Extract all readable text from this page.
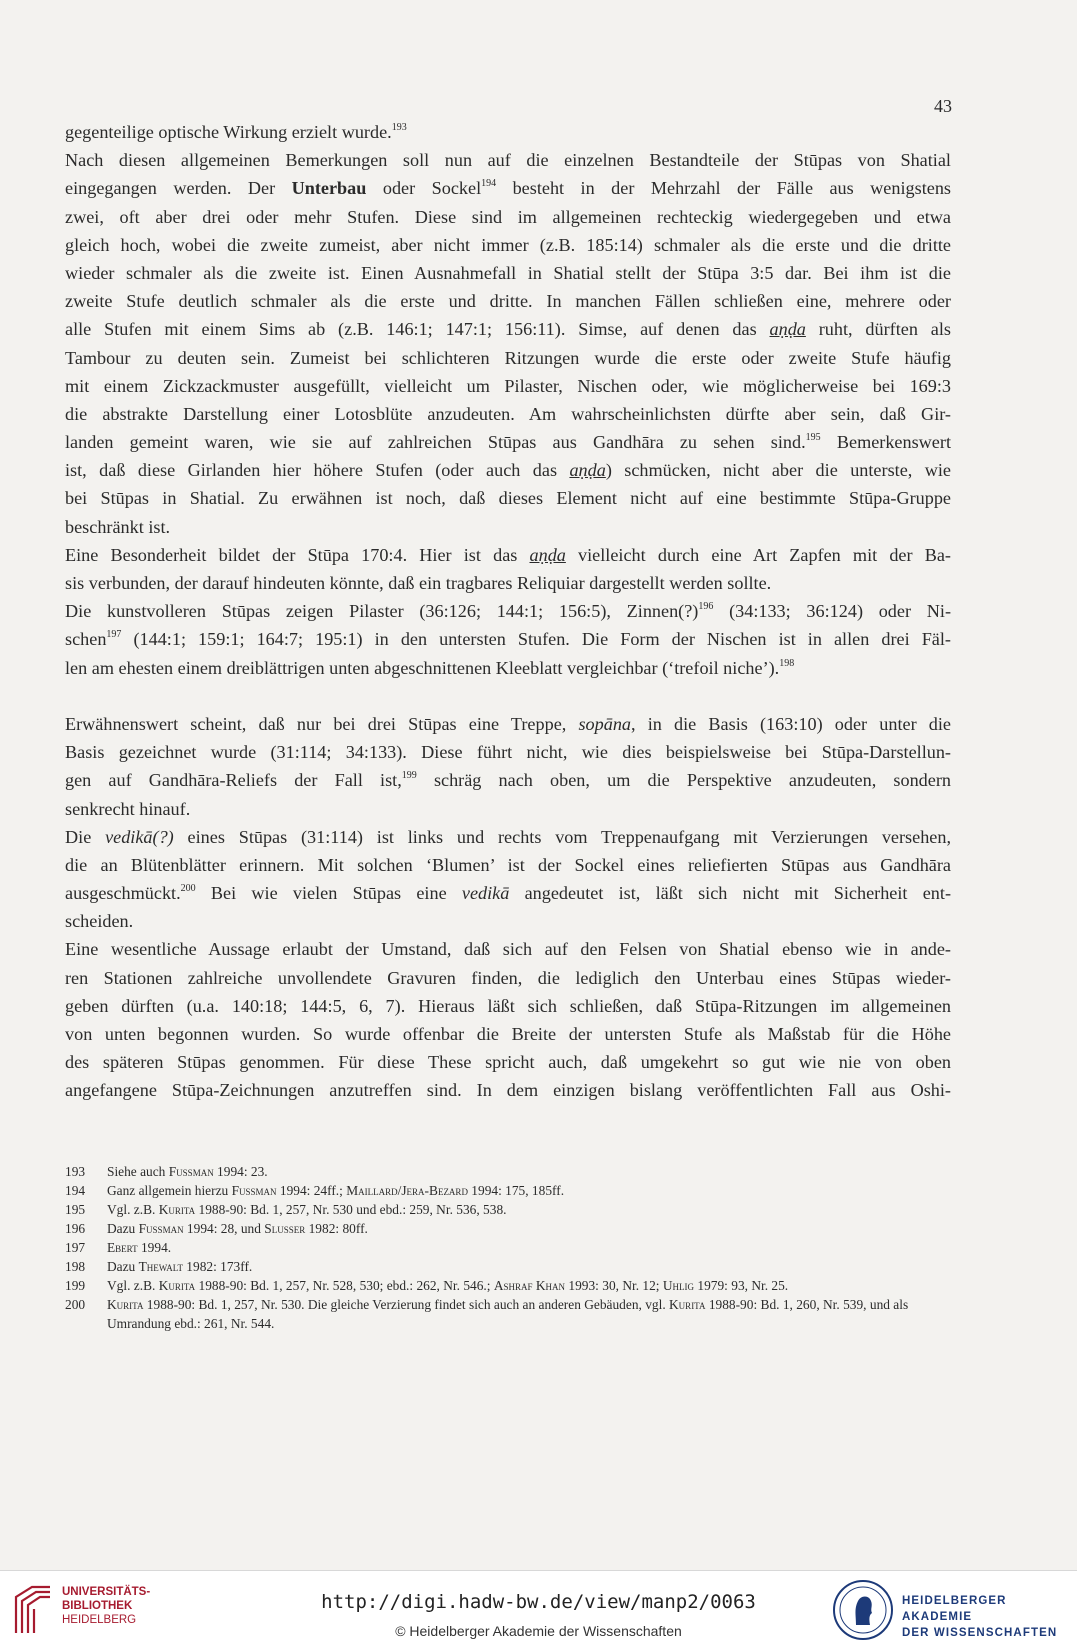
43
gegenteilige optische Wirkung erzielt wurde.$^{193}$
Nach diesen allgemeinen Bemerkungen soll nun auf die einzelnen Bestandteile der Stūpas von Shatial
eingegangen werden. Der Unterbau oder Sockel$^{194}$ besteht in der Mehrzahl der Fälle aus wenigstens
zwei, oft aber drei oder mehr Stufen. Diese sind im allgemeinen rechteckig wiedergegeben und etwa
gleich hoch, wobei die zweite zumeist, aber nicht immer (z.B. 185:14) schmaler als die erste und die dritte
wieder schmaler als die zweite ist. Einen Ausnahmefall in Shatial stellt der Stūpa 3:5 dar. Bei ihm ist die
zweite Stufe deutlich schmaler als die erste und dritte. In manchen Fällen schließen eine, mehrere oder
alle Stufen mit einem Sims ab (z.B. 146:1; 147:1; 156:11). Simse, auf denen das aṇḍa ruht, dürften als
Tambour zu deuten sein. Zumeist bei schlichteren Ritzungen wurde die erste oder zweite Stufe häufig
mit einem Zickzackmuster ausgefüllt, vielleicht um Pilaster, Nischen oder, wie möglicherweise bei 169:3
die abstrakte Darstellung einer Lotosblüte anzudeuten. Am wahrscheinlichsten dürfte aber sein, daß Gir-
landen gemeint waren, wie sie auf zahlreichen Stūpas aus Gandhāra zu sehen sind.$^{195}$ Bemerkenswert
ist, daß diese Girlanden hier höhere Stufen (oder auch das aṇḍa) schmücken, nicht aber die unterste, wie
bei Stūpas in Shatial. Zu erwähnen ist noch, daß dieses Element nicht auf eine bestimmte Stūpa-Gruppe
beschränkt ist.
Eine Besonderheit bildet der Stūpa 170:4. Hier ist das aṇḍa vielleicht durch eine Art Zapfen mit der Ba-
sis verbunden, der darauf hindeuten könnte, daß ein tragbares Reliquiar dargestellt werden sollte.
Die kunstvolleren Stūpas zeigen Pilaster (36:126; 144:1; 156:5), Zinnen(?)$^{196}$ (34:133; 36:124) oder Ni-
schen$^{197}$ (144:1; 159:1; 164:7; 195:1) in den untersten Stufen. Die Form der Nischen ist in allen drei Fäl-
len am ehesten einem dreiblättrigen unten abgeschnittenen Kleeblatt vergleichbar (‘trefoil niche’).$^{198}$

Erwähnenswert scheint, daß nur bei drei Stūpas eine Treppe, sopāna, in die Basis (163:10) oder unter die
Basis gezeichnet wurde (31:114; 34:133). Diese führt nicht, wie dies beispielsweise bei Stūpa-Darstellun-
gen auf Gandhāra-Reliefs der Fall ist,$^{199}$ schräg nach oben, um die Perspektive anzudeuten, sondern
senkrecht hinauf.
Die vedikā(?) eines Stūpas (31:114) ist links und rechts vom Treppenaufgang mit Verzierungen versehen,
die an Blütenblätter erinnern. Mit solchen ‘Blumen’ ist der Sockel eines reliefierten Stūpas aus Gandhāra
ausgeschmückt.$^{200}$ Bei wie vielen Stūpas eine vedikā angedeutet ist, läßt sich nicht mit Sicherheit ent-
scheiden.
Eine wesentliche Aussage erlaubt der Umstand, daß sich auf den Felsen von Shatial ebenso wie in ande-
ren Stationen zahlreiche unvollendete Gravuren finden, die lediglich den Unterbau eines Stūpas wieder-
geben dürften (u.a. 140:18; 144:5, 6, 7). Hieraus läßt sich schließen, daß Stūpa-Ritzungen im allgemeinen
von unten begonnen wurden. So wurde offenbar die Breite der untersten Stufe als Maßstab für die Höhe
des späteren Stūpas genommen. Für diese These spricht auch, daß umgekehrt so gut wie nie von oben
angefangene Stūpa-Zeichnungen anzutreffen sind. In dem einzigen bislang veröffentlichten Fall aus Oshi-
193	Siehe auch Fussman 1994: 23.
194	Ganz allgemein hierzu Fussman 1994: 24ff.; Maillard/Jera-Bezard 1994: 175, 185ff.
195	Vgl. z.B. Kurita 1988-90: Bd. 1, 257, Nr. 530 und ebd.: 259, Nr. 536, 538.
196	Dazu Fussman 1994: 28, und Slusser 1982: 80ff.
197	Ebert 1994.
198	Dazu Thewalt 1982: 173ff.
199	Vgl. z.B. Kurita 1988-90: Bd. 1, 257, Nr. 528, 530; ebd.: 262, Nr. 546.; Ashraf Khan 1993: 30, Nr. 12; Uhlig 1979: 93, Nr. 25.
200	Kurita 1988-90: Bd. 1, 257, Nr. 530. Die gleiche Verzierung findet sich auch an anderen Gebäuden, vgl. Kurita 1988-90: Bd. 1, 260, Nr. 539, und als Umrandung ebd.: 261, Nr. 544.
UNIVERSITÄTS-
BIBLIOTHEK
HEIDELBERG
http://digi.hadw-bw.de/view/manp2/0063
© Heidelberger Akademie der Wissenschaften
HEIDELBERGER AKADEMIE
DER WISSENSCHAFTEN
